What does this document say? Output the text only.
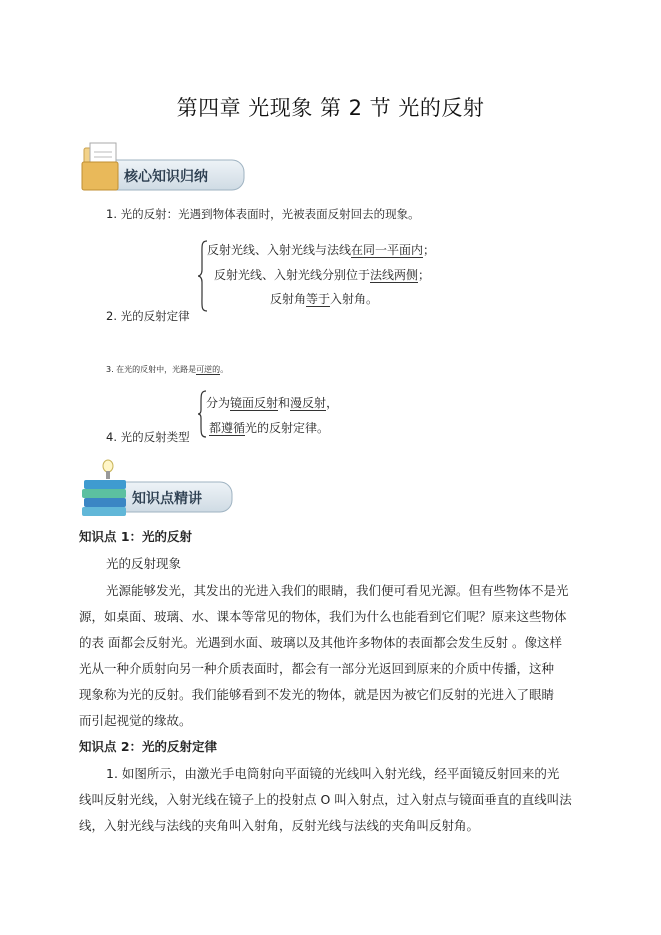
第四章 光现象 第 2 节 光的反射
核心知识归纳
1. 光的反射：光遇到物体表面时，光被表面反射回去的现象。
反射光线、入射光线与法线在同一平面内；
反射光线、入射光线分别位于法线两侧；
反射角等于入射角。
2. 光的反射定律
3. 在光的反射中，光路是可逆的。
分为镜面反射和漫反射，
都遵循光的反射定律。
4. 光的反射类型
知识点精讲
知识点 1：光的反射
光的反射现象
光源能够发光，其发出的光进入我们的眼睛，我们便可看见光源。但有些物体不是光
源，如桌面、玻璃、水、课本等常见的物体，我们为什么也能看到它们呢？原来这些物体
的表 面都会反射光。光遇到水面、玻璃以及其他许多物体的表面都会发生反射 。像这样
光从一种介质射向另一种介质表面时，都会有一部分光返回到原来的介质中传播，这种
现象称为光的反射。我们能够看到不发光的物体，就是因为被它们反射的光进入了眼睛
而引起视觉的缘故。
知识点 2：光的反射定律
1. 如图所示，由激光手电筒射向平面镜的光线叫入射光线，经平面镜反射回来的光
线叫反射光线，入射光线在镜子上的投射点 O 叫入射点，过入射点与镜面垂直的直线叫法
线，入射光线与法线的夹角叫入射角，反射光线与法线的夹角叫反射角。
